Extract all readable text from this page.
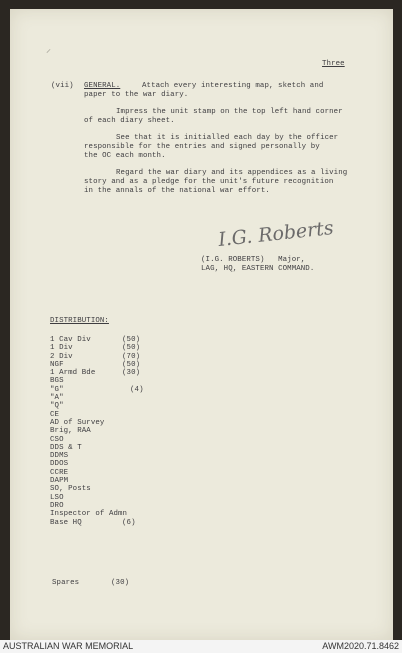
⸝
Three
(vii) GENERAL.	Attach every interesting map, sketch and
paper to the war diary.
Impress the unit stamp on the top left hand corner
of each diary sheet.
See that it is initialled each day by the officer
responsible for the entries and signed personally by
the OC each month.
Regard the war diary and its appendices as a living
story and as a pledge for the unit's future recognition
in the annals of the national war effort.
I.G. Roberts
(I.G. ROBERTS)   Major,
LAG, HQ, EASTERN COMMAND.
DISTRIBUTION:
1 Cav Div	(50)
1 Div	(50)
2 Div	(70)
NGF	(50)
1 Armd Bde	(30)
BGS
"G"	(4)
"A"
"Q"
CE
AD of Survey
Brig, RAA
CSO
DDS & T
DDMS
DDOS
CCRE
DAPM
SO, Posts
LSO
DRO
Inspector of Admn
Base HQ	(6)
Spares	(30)
AUSTRALIAN WAR MEMORIAL	AWM2020.71.8462
